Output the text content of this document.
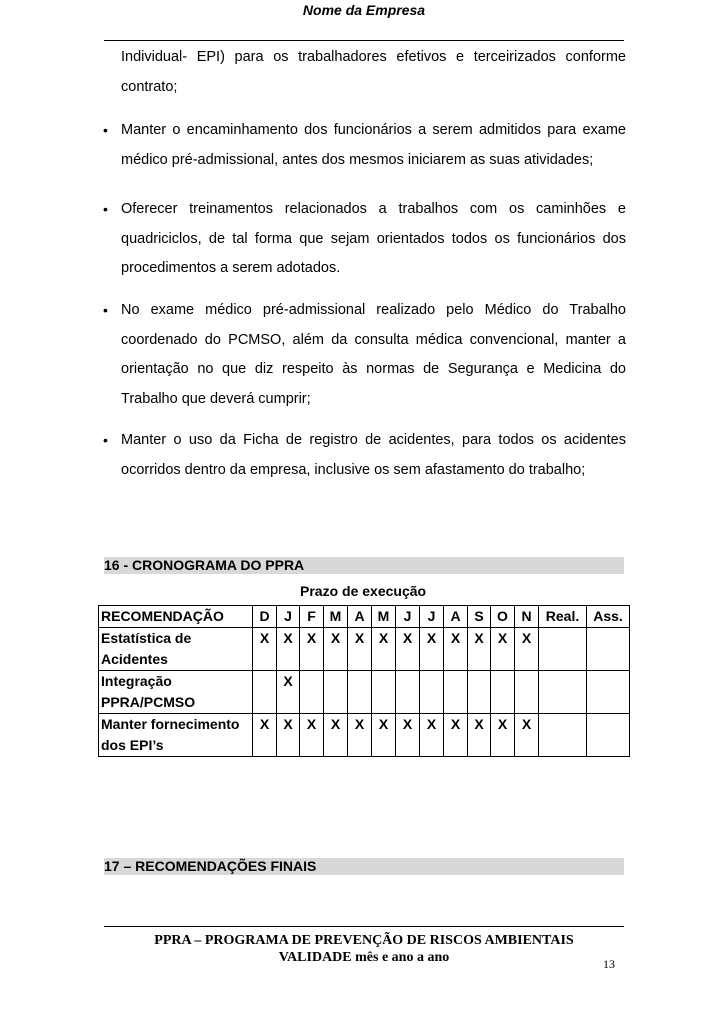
Nome da Empresa
Individual- EPI) para os trabalhadores efetivos e terceirizados conforme contrato;
• Manter o encaminhamento dos funcionários a serem admitidos para exame médico pré-admissional, antes dos mesmos iniciarem as suas atividades;
• Oferecer treinamentos relacionados a trabalhos com os caminhões e quadriciclos, de tal forma que sejam orientados todos os funcionários dos procedimentos a serem adotados.
• No exame médico pré-admissional realizado pelo Médico do Trabalho coordenado do PCMSO, além da consulta médica convencional, manter a orientação no que diz respeito às normas de Segurança e Medicina do Trabalho que deverá cumprir;
• Manter o uso da Ficha de registro de acidentes, para todos os acidentes ocorridos dentro da empresa, inclusive os sem afastamento do trabalho;
16 - CRONOGRAMA DO PPRA
Prazo de execução
RECOMENDAÇÃO	D	J	F	M	A	M	J	J	A	S	O	N	Real.	Ass.
Estatística de Acidentes	X	X	X	X	X	X	X	X	X	X	X	X		
Integração PPRA/PCMSO		X												
Manter fornecimento dos EPI’s	X	X	X	X	X	X	X	X	X	X	X	X		
17 – RECOMENDAÇÕES FINAIS
PPRA – PROGRAMA DE PREVENÇÃO DE RISCOS AMBIENTAIS
VALIDADE mês e ano a ano	13
